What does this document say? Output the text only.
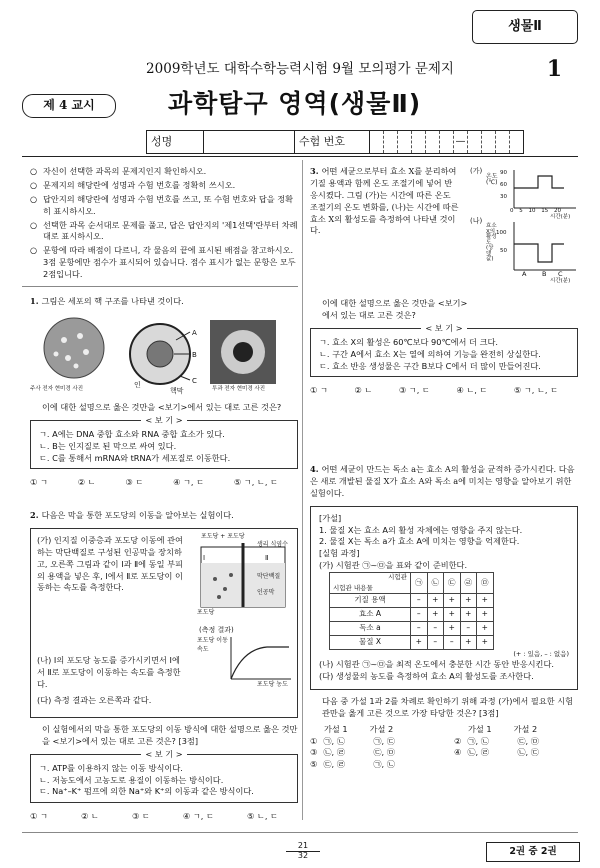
생물Ⅱ
2009학년도 대학수학능력시험 9월 모의평가 문제지	1
제 4 교시	과학탐구 영역(생물Ⅱ)
성명	수험 번호	—
○ 자신이 선택한 과목의 문제지인지 확인하시오.
○ 문제지의 해당란에 성명과 수험 번호를 정확히 쓰시오.
○ 답안지의 해당란에 성명과 수험 번호를 쓰고, 또 수험 번호와 답을 정확히 표시하시오.
○ 선택한 과목 순서대로 문제를 풀고, 답은 답안지의 '제1선택'란부터 차례대로 표시하시오.
○ 문항에 따라 배점이 다르니, 각 물음의 끝에 표시된 배점을 참고하시오. 3점 문항에만 점수가 표시되어 있습니다. 점수 표시가 없는 문항은 모두 2점입니다.
1. 그림은 세포의 핵 구조를 나타낸 것이다.
A
B
C
인
핵막
주사 전자 현미경 사진	투과 전자 현미경 사진
이에 대한 설명으로 옳은 것만을 <보기>에서 있는 대로 고른 것은?
< 보 기 >
ㄱ. A에는 DNA 중합 효소와 RNA 중합 효소가 있다.
ㄴ. B는 인지질로 된 막으로 싸여 있다.
ㄷ. C를 통해서 mRNA와 tRNA가 세포질로 이동한다.
① ㄱ	② ㄴ	③ ㄷ	④ ㄱ, ㄷ	⑤ ㄱ, ㄴ, ㄷ
2. 다음은 막을 통한 포도당의 이동을 알아보는 실험이다.
(가) 인지질 이중층과 포도당 이동에 관여하는 막단백질로 구성된 인공막을 장치하고, 오른쪽 그림과 같이 Ⅰ과 Ⅱ에 동일 부피의 용액을 넣은 후, Ⅰ에서 Ⅱ로 포도당이 이동하는 속도를 측정한다.
(나) Ⅰ의 포도당 농도를 증가시키면서 Ⅰ에서 Ⅱ로 포도당이 이동하는 속도를 측정한다.
(다) 측정 결과는 오른쪽과 같다.
포도당 + 포도당
Ⅰ	Ⅱ
생리 식염수
막단백질
인공막
포도당
(측정 결과)
포도당 이동 속도
포도당 농도
이 실험에서의 막을 통한 포도당의 이동 방식에 대한 설명으로 옳은 것만을 <보기>에서 있는 대로 고른 것은? [3점]
< 보 기 >
ㄱ. ATP를 이용하지 않는 이동 방식이다.
ㄴ. 저농도에서 고농도로 용질이 이동하는 방식이다.
ㄷ. Na⁺–K⁺ 펌프에 의한 Na⁺와 K⁺의 이동과 같은 방식이다.
① ㄱ	② ㄴ	③ ㄷ	④ ㄱ, ㄷ	⑤ ㄴ, ㄷ
3. 어떤 세균으로부터 효소 X를 분리하여 기질 용액과 함께 온도 조절기에 넣어 반응시켰다. 그림 (가)는 시간에 따른 온도 조절기의 온도 변화를, (나)는 시간에 따른 효소 X의 활성도를 측정하여 나타낸 것이다.
(가)
(나)
온도(℃)
효소X의 활성도(상댓값)
90
60
30
0 5 10 15 20
시간(분)
100
50
A B C
시간(분)
이에 대한 설명으로 옳은 것만을 <보기>에서 있는 대로 고른 것은?
< 보 기 >
ㄱ. 효소 X의 활성은 60℃보다 90℃에서 더 크다.
ㄴ. 구간 A에서 효소 X는 열에 의하여 기능을 완전히 상실한다.
ㄷ. 효소 반응 생성물은 구간 B보다 C에서 더 많이 만들어진다.
① ㄱ	② ㄴ	③ ㄱ, ㄷ	④ ㄴ, ㄷ	⑤ ㄱ, ㄴ, ㄷ
4. 어떤 세균이 만드는 독소 a는 효소 A의 활성을 균적하 증가시킨다. 다음은 새로 개발된 물질 X가 효소 A와 독소 a에 미치는 영향을 알아보기 위한 실험이다.
[가설]
1. 물질 X는 효소 A의 활성 자체에는 영향을 주지 않는다.
2. 물질 X는 독소 a가 효소 A에 미치는 영향을 억제한다.
[실험 과정]
(가) 시험관 ㉠~㉤을 표와 같이 준비한다.
시험관
시험관 내용물	㉠	㉡	㉢	㉣	㉤
기질 용액	–	+	+	+	+
효소 A	–	+	+	+	+
독소 a	–	–	+	–	+
물질 X	+	–	–	+	+
(+ : 있음, – : 없음)
(나) 시험관 ㉠~㉤을 최적 온도에서 충분한 시간 동안 반응시킨다.
(다) 생성물의 농도를 측정하여 효소 A의 활성도를 조사한다.
다음 중 가설 1과 2를 차례로 확인하기 위해 과정 (가)에서 필요한 시험관만을 옳게 고른 것으로 가장 타당한 것은? [3점]
가설 1	가설 2
① ㉠, ㉡	㉠, ㉢
③ ㉡, ㉣	㉢, ㉤
⑤ ㉢, ㉣	㉠, ㉡
가설 1	가설 2
② ㉠, ㉡	㉢, ㉤
④ ㉡, ㉣	㉡, ㉢
21
32	2권 중 2권
